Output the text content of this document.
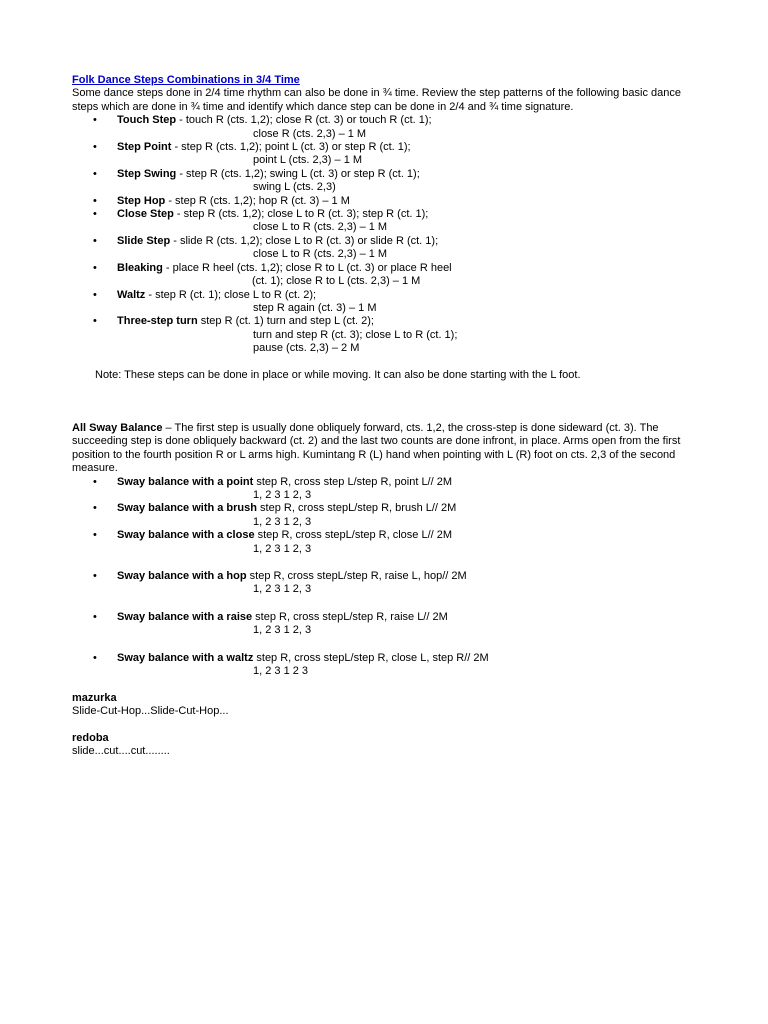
Folk Dance Steps Combinations in 3/4 Time

Some dance steps done in 2/4 time rhythm can also be done in ¾ time. Review the step patterns of the following basic dance steps which are done in ¾ time and identify which dance step can be done in 2/4 and ¾ time signature.

• Touch Step - touch R (cts. 1,2); close R (ct. 3) or touch R (ct. 1);
close R (cts. 2,3) – 1 M
• Step Point - step R (cts. 1,2); point L (ct. 3) or step R (ct. 1);
point L (cts. 2,3) – 1 M
• Step Swing - step R (cts. 1,2); swing L (ct. 3) or step R (ct. 1);
swing L (cts. 2,3)
• Step Hop - step R (cts. 1,2); hop R (ct. 3) – 1 M
• Close Step - step R (cts. 1,2); close L to R (ct. 3); step R (ct. 1);
close L to R (cts. 2,3) – 1 M
• Slide Step - slide R (cts. 1,2); close L to R (ct. 3) or slide R (ct. 1);
close L to R (cts. 2,3) – 1 M
• Bleaking - place R heel (cts. 1,2); close R to L (ct. 3) or place R heel
(ct. 1); close R to L (cts. 2,3) – 1 M
• Waltz - step R (ct. 1); close L to R (ct. 2);
step R again (ct. 3) – 1 M
• Three-step turn step R (ct. 1) turn and step L (ct. 2);
turn and step R (ct. 3); close L to R (ct. 1);
pause (cts. 2,3) – 2 M

Note: These steps can be done in place or while moving. It can also be done starting with the L foot.

All Sway Balance – The first step is usually done obliquely forward, cts. 1,2, the cross-step is done sideward (ct. 3). The succeeding step is done obliquely backward (ct. 2) and the last two counts are done infront, in place. Arms open from the first position to the fourth position R or L arms high. Kumintang R (L) hand when pointing with L (R) foot on cts. 2,3 of the second measure.

• Sway balance with a point step R, cross step L/step R, point L// 2M
1, 2 3 1 2, 3
• Sway balance with a brush step R, cross stepL/step R, brush L// 2M
1, 2 3 1 2, 3
• Sway balance with a close step R, cross stepL/step R, close L// 2M
1, 2 3 1 2, 3
• Sway balance with a hop step R, cross stepL/step R, raise L, hop// 2M
1, 2 3 1 2, 3
• Sway balance with a raise step R, cross stepL/step R, raise L// 2M
1, 2 3 1 2, 3
• Sway balance with a waltz step R, cross stepL/step R, close L, step R// 2M
1, 2 3 1 2 3

mazurka

Slide-Cut-Hop...Slide-Cut-Hop...

redoba

slide...cut....cut........
